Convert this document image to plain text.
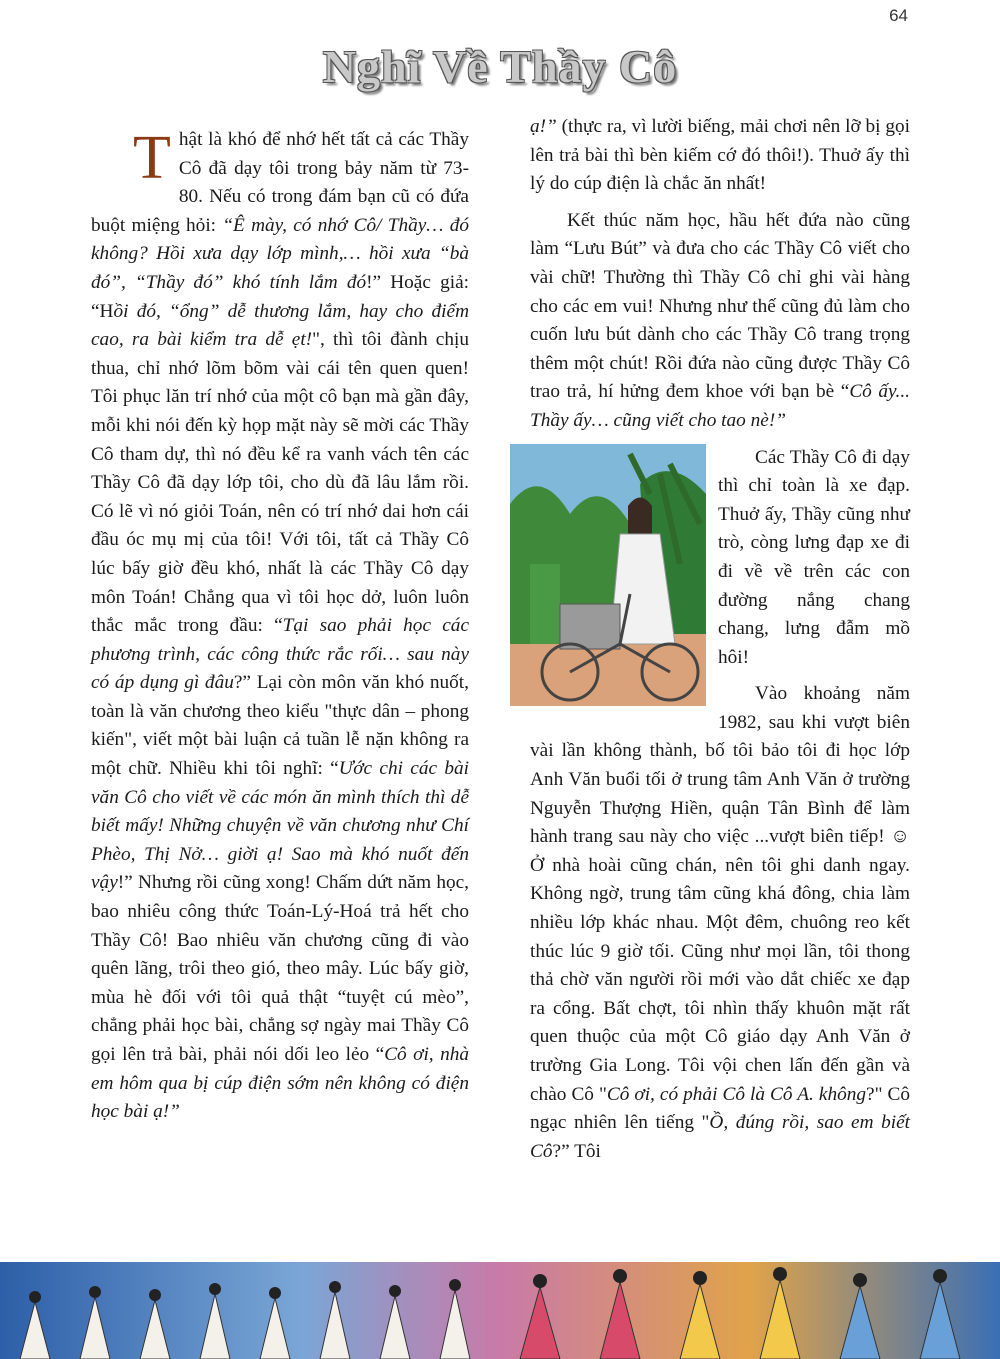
64
Nghĩ Về Thầy Cô

Thật là khó để nhớ hết tất cả các Thầy Cô đã dạy tôi trong bảy năm từ 73-80. Nếu có trong đám bạn cũ có đứa buột miệng hỏi: “Ê mày, có nhớ Cô/ Thầy… đó không? Hồi xưa dạy lớp mình,… hồi xưa “bà đó”, “Thầy đó” khó tính lắm đó!” Hoặc giả: “Hồi đó, “ổng” dễ thương lắm, hay cho điểm cao, ra bài kiểm tra dễ ẹt!", thì tôi đành chịu thua, chỉ nhớ lõm bõm vài cái tên quen quen! Tôi phục lăn trí nhớ của một cô bạn mà gần đây, mỗi khi nói đến kỳ họp mặt này sẽ mời các Thầy Cô tham dự, thì nó đều kể ra vanh vách tên các Thầy Cô đã dạy lớp tôi, cho dù đã lâu lắm rồi. Có lẽ vì nó giỏi Toán, nên có trí nhớ dai hơn cái đầu óc mụ mị của tôi! Với tôi, tất cả Thầy Cô lúc bấy giờ đều khó, nhất là các Thầy Cô dạy môn Toán! Chẳng qua vì tôi học dở, luôn luôn thắc mắc trong đầu: “Tại sao phải học các phương trình, các công thức rắc rối… sau này có áp dụng gì đâu?” Lại còn môn văn khó nuốt, toàn là văn chương theo kiểu "thực dân – phong kiến", viết một bài luận cả tuần lễ nặn không ra một chữ. Nhiều khi tôi nghĩ: “Ước chi các bài văn Cô cho viết về các món ăn mình thích thì dễ biết mấy! Những chuyện về văn chương như Chí Phèo, Thị Nở… giời ạ! Sao mà khó nuốt đến vậy!” Nhưng rồi cũng xong! Chấm dứt năm học, bao nhiêu công thức Toán-Lý-Hoá trả hết cho Thầy Cô! Bao nhiêu văn chương cũng đi vào quên lãng, trôi theo gió, theo mây. Lúc bấy giờ, mùa hè đối với tôi quả thật “tuyệt cú mèo”, chẳng phải học bài, chẳng sợ ngày mai Thầy Cô gọi lên trả bài, phải nói dối leo lẻo “Cô ơi, nhà em hôm qua bị cúp điện sớm nên không có điện học bài ạ!”

ạ!” (thực ra, vì lười biếng, mải chơi nên lỡ bị gọi lên trả bài thì bèn kiếm cớ đó thôi!). Thuở ấy thì lý do cúp điện là chắc ăn nhất!

Kết thúc năm học, hầu hết đứa nào cũng làm “Lưu Bút” và đưa cho các Thầy Cô viết cho vài chữ! Thường thì Thầy Cô chỉ ghi vài hàng cho các em vui! Nhưng như thế cũng đủ làm cho cuốn lưu bút dành cho các Thầy Cô trang trọng thêm một chút! Rồi đứa nào cũng được Thầy Cô trao trả, hí hửng đem khoe với bạn bè “Cô ấy... Thầy ấy… cũng viết cho tao nè!”

Các Thầy Cô đi dạy thì chỉ toàn là xe đạp. Thuở ấy, Thầy cũng như trò, còng lưng đạp xe đi đi về về trên các con đường nắng chang chang, lưng đẫm mồ hôi!

Vào khoảng năm 1982, sau khi vượt biên vài lần không thành, bố tôi bảo tôi đi học lớp Anh Văn buổi tối ở trung tâm Anh Văn ở trường Nguyễn Thượng Hiền, quận Tân Bình để làm hành trang sau này cho việc ...vượt biên tiếp! ☺ Ở nhà hoài cũng chán, nên tôi ghi danh ngay. Không ngờ, trung tâm cũng khá đông, chia làm nhiều lớp khác nhau. Một đêm, chuông reo kết thúc lúc 9 giờ tối. Cũng như mọi lần, tôi thong thả chờ văn người rồi mới vào dắt chiếc xe đạp ra cổng. Bất chợt, tôi nhìn thấy khuôn mặt rất quen thuộc của một Cô giáo dạy Anh Văn ở trường Gia Long. Tôi vội chen lấn đến gần và chào Cô "Cô ơi, có phải Cô là Cô A. không?" Cô ngạc nhiên lên tiếng "Ồ, đúng rồi, sao em biết Cô?” Tôi
